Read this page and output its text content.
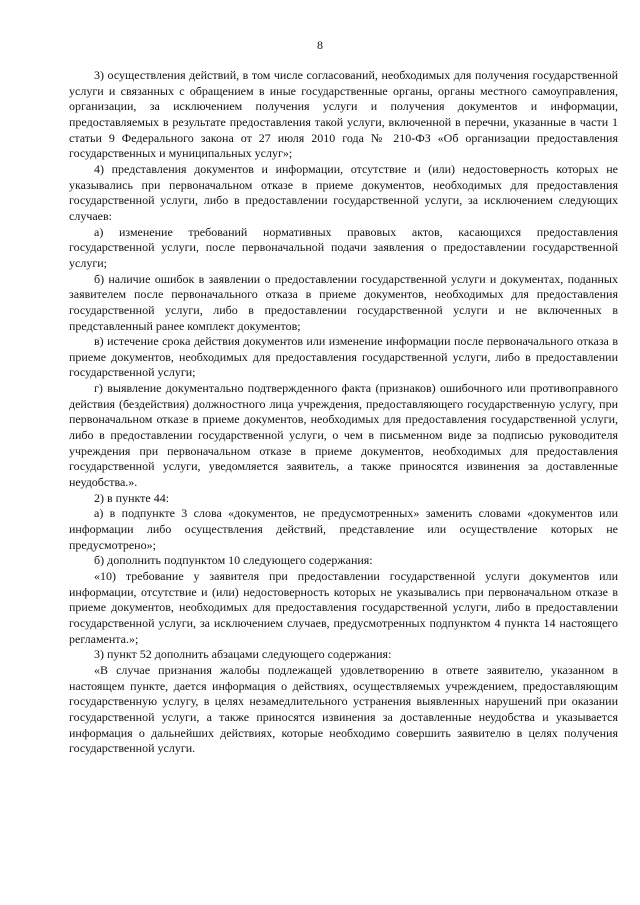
8

3) осуществления действий, в том числе согласований, необходимых для получения государственной услуги и связанных с обращением в иные государственные органы, органы местного самоуправления, организации, за исключением получения услуги и получения документов и информации, предоставляемых в результате предоставления такой услуги, включенной в перечни, указанные в части 1 статьи 9 Федерального закона от 27 июля 2010 года № 210-ФЗ «Об организации предоставления государственных и муниципальных услуг»;

4) представления документов и информации, отсутствие и (или) недостоверность которых не указывались при первоначальном отказе в приеме документов, необходимых для предоставления государственной услуги, либо в предоставлении государственной услуги, за исключением следующих случаев:

а) изменение требований нормативных правовых актов, касающихся предоставления государственной услуги, после первоначальной подачи заявления о предоставлении государственной услуги;

б) наличие ошибок в заявлении о предоставлении государственной услуги и документах, поданных заявителем после первоначального отказа в приеме документов, необходимых для предоставления государственной услуги, либо в предоставлении государственной услуги и не включенных в представленный ранее комплект документов;

в) истечение срока действия документов или изменение информации после первоначального отказа в приеме документов, необходимых для предоставления государственной услуги, либо в предоставлении государственной услуги;

г) выявление документально подтвержденного факта (признаков) ошибочного или противоправного действия (бездействия) должностного лица учреждения, предоставляющего государственную услугу, при первоначальном отказе в приеме документов, необходимых для предоставления государственной услуги, либо в предоставлении государственной услуги, о чем в письменном виде за подписью руководителя учреждения при первоначальном отказе в приеме документов, необходимых для предоставления государственной услуги, уведомляется заявитель, а также приносятся извинения за доставленные неудобства.».

2) в пункте 44:

а) в подпункте 3 слова «документов, не предусмотренных» заменить словами «документов или информации либо осуществления действий, представление или осуществление которых не предусмотрено»;

б) дополнить подпунктом 10 следующего содержания:

«10) требование у заявителя при предоставлении государственной услуги документов или информации, отсутствие и (или) недостоверность которых не указывались при первоначальном отказе в приеме документов, необходимых для предоставления государственной услуги, либо в предоставлении государственной услуги, за исключением случаев, предусмотренных подпунктом 4 пункта 14 настоящего регламента.»;

3) пункт 52 дополнить абзацами следующего содержания:

«В случае признания жалобы подлежащей удовлетворению в ответе заявителю, указанном в настоящем пункте, дается информация о действиях, осуществляемых учреждением, предоставляющим государственную услугу, в целях незамедлительного устранения выявленных нарушений при оказании государственной услуги, а также приносятся извинения за доставленные неудобства и указывается информация о дальнейших действиях, которые необходимо совершить заявителю в целях получения государственной услуги.
